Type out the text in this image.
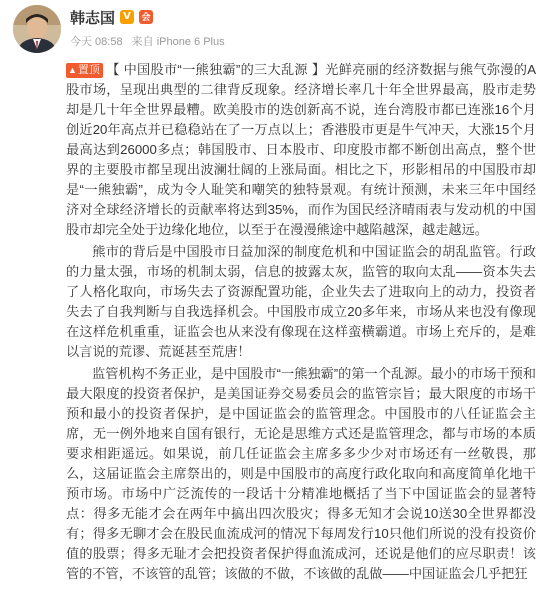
韩志国 V	会
今天 08:58 来自 iPhone 6 Plus

▲置顶 【 中国股市“一熊独霸”的三大乱源 】光鲜亮丽的经济数据与熊气弥漫的A股市场，呈现出典型的二律背反现象。经济增长率几十年全世界最高，股市走势却是几十年全世界最糟。欧美股市的迭创新高不说，连台湾股市都已连涨16个月创近20年高点并已稳稳站在了一万点以上；香港股市更是牛气冲天，大涨15个月最高达到26000多点；韩国股市、日本股市、印度股市都不断创出高点，整个世界的主要股市都呈现出波澜壮阔的上涨局面。相比之下，形影相吊的中国股市却是“一熊独霸”，成为令人耻笑和嘲笑的独特景观。有统计预测，未来三年中国经济对全球经济增长的贡献率将达到35%，而作为国民经济晴雨表与发动机的中国股市却完全处于边缘化地位，以至于在漫漫熊途中越陷越深，越走越远。

熊市的背后是中国股市日益加深的制度危机和中国证监会的胡乱监管。行政的力量太强，市场的机制太弱，信息的披露太灰，监管的取向太乱——资本失去了人格化取向，市场失去了资源配置功能，企业失去了进取向上的动力，投资者失去了自我判断与自我选择机会。中国股市成立20多年来，市场从来也没有像现在这样危机重重，证监会也从来没有像现在这样蛮横霸道。市场上充斥的，是难以言说的荒谬、荒诞甚至荒唐！

监管机构不务正业，是中国股市“一熊独霸”的第一个乱源。最小的市场干预和最大限度的投资者保护，是美国证券交易委员会的监管宗旨；最大限度的市场干预和最小的投资者保护，是中国证监会的监管理念。中国股市的八任证监会主席，无一例外地来自国有银行，无论是思维方式还是监管理念，都与市场的本质要求相距遥远。如果说，前几任证监会主席多多少少对市场还有一丝敬畏，那么，这届证监会主席祭出的，则是中国股市的高度行政化取向和高度简单化地干预市场。市场中广泛流传的一段话十分精准地概括了当下中国证监会的显著特点：得多无能才会在两年中搞出四次股灾；得多无知才会说10送30全世界都没有；得多无聊才会在股民血流成河的情况下每周发行10只他们所说的没有投资价值的股票；得多无耻才会把投资者保护得血流成河，还说是他们的应尽职责！该管的不管，不该管的乱管；该做的不做，不该做的乱做——中国证监会几乎把狂
